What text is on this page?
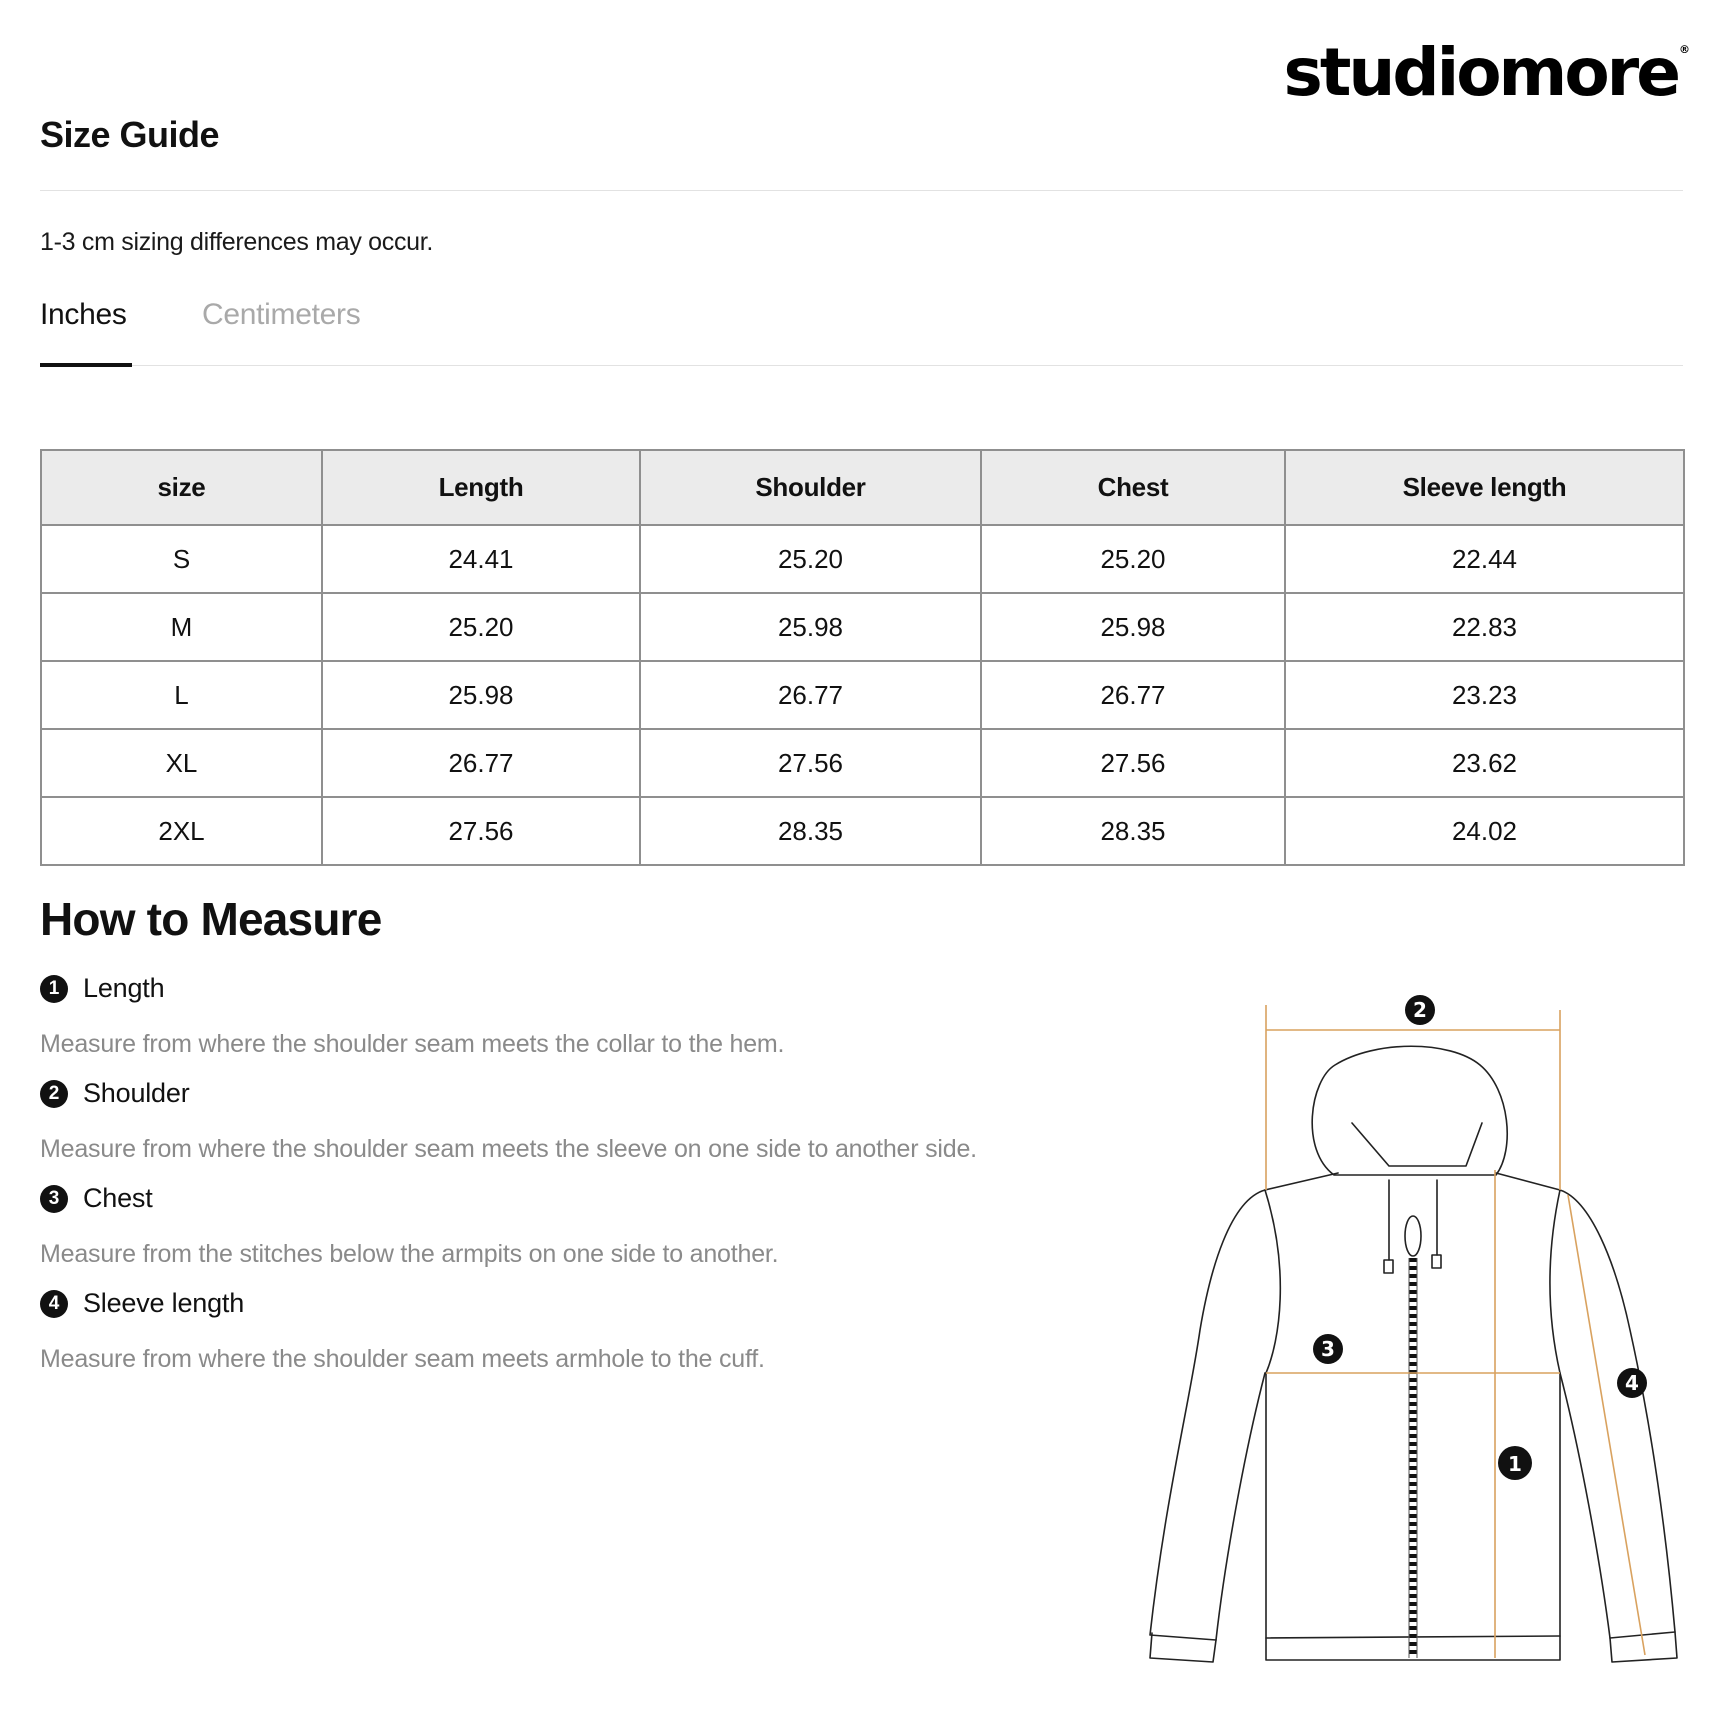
studiomore®
Size Guide

1-3 cm sizing differences may occur.

Inches	Centimeters
size	Length	Shoulder	Chest	Sleeve length
S	24.41	25.20	25.20	22.44
M	25.20	25.98	25.98	22.83
L	25.98	26.77	26.77	23.23
XL	26.77	27.56	27.56	23.62
2XL	27.56	28.35	28.35	24.02
How to Measure
1 Length
Measure from where the shoulder seam meets the collar to the hem.
2 Shoulder
Measure from where the shoulder seam meets the sleeve on one side to another side.
3 Chest
Measure from the stitches below the armpits on one side to another.
4 Sleeve length
Measure from where the shoulder seam meets armhole to the cuff.
2
3
1
4
